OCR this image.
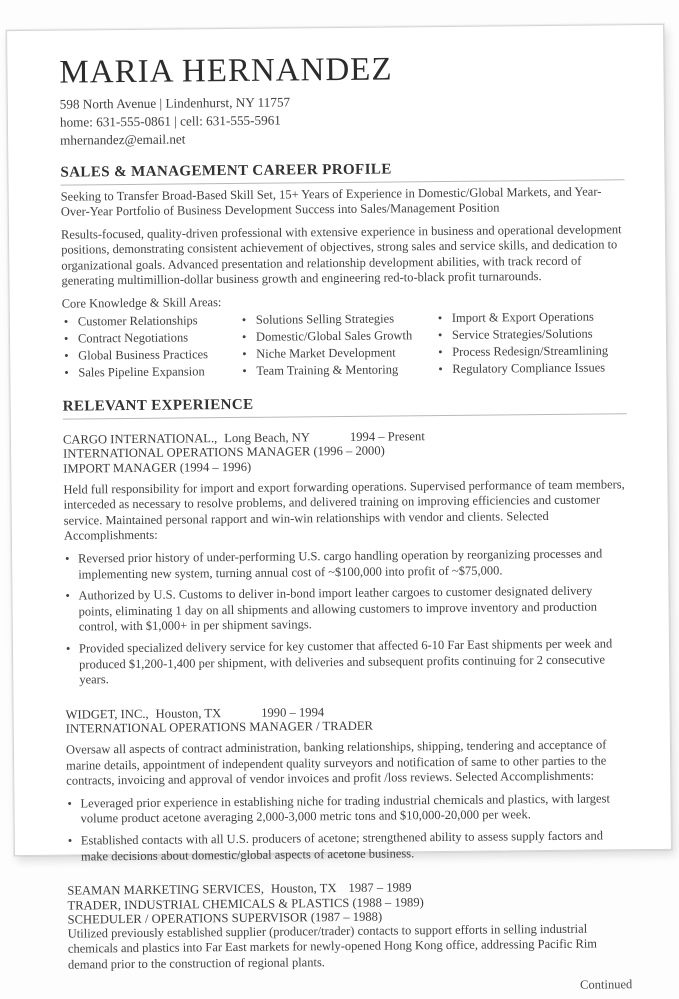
MARIA HERNANDEZ
598 North Avenue | Lindenhurst, NY 11757
home: 631-555-0861 | cell: 631-555-5961
mhernandez@email.net
SALES & MANAGEMENT CAREER PROFILE

Seeking to Transfer Broad-Based Skill Set, 15+ Years of Experience in Domestic/Global Markets, and Year-Over-Year Portfolio of Business Development Success into Sales/Management Position

Results-focused, quality-driven professional with extensive experience in business and operational development positions, demonstrating consistent achievement of objectives, strong sales and service skills, and dedication to organizational goals. Advanced presentation and relationship development abilities, with track record of generating multimillion-dollar business growth and engineering red-to-black profit turnarounds.

Core Knowledge & Skill Areas:
• Customer Relationships
• Contract Negotiations
• Global Business Practices
• Sales Pipeline Expansion
• Solutions Selling Strategies
• Domestic/Global Sales Growth
• Niche Market Development
• Team Training & Mentoring
• Import & Export Operations
• Service Strategies/Solutions
• Process Redesign/Streamlining
• Regulatory Compliance Issues
RELEVANT EXPERIENCE
CARGO INTERNATIONAL., Long Beach, NY	1994 – Present
INTERNATIONAL OPERATIONS MANAGER (1996 – 2000)
IMPORT MANAGER (1994 – 1996)

Held full responsibility for import and export forwarding operations. Supervised performance of team members, interceded as necessary to resolve problems, and delivered training on improving efficiencies and customer service. Maintained personal rapport and win-win relationships with vendor and clients. Selected Accomplishments:

• Reversed prior history of under-performing U.S. cargo handling operation by reorganizing processes and implementing new system, turning annual cost of ~$100,000 into profit of ~$75,000.
• Authorized by U.S. Customs to deliver in-bond import leather cargoes to customer designated delivery points, eliminating 1 day on all shipments and allowing customers to improve inventory and production control, with $1,000+ in per shipment savings.
• Provided specialized delivery service for key customer that affected 6-10 Far East shipments per week and produced $1,200-1,400 per shipment, with deliveries and subsequent profits continuing for 2 consecutive years.
WIDGET, INC., Houston, TX	1990 – 1994
INTERNATIONAL OPERATIONS MANAGER / TRADER

Oversaw all aspects of contract administration, banking relationships, shipping, tendering and acceptance of marine details, appointment of independent quality surveyors and notification of same to other parties to the contracts, invoicing and approval of vendor invoices and profit /loss reviews. Selected Accomplishments:

• Leveraged prior experience in establishing niche for trading industrial chemicals and plastics, with largest volume product acetone averaging 2,000-3,000 metric tons and $10,000-20,000 per week.
• Established contacts with all U.S. producers of acetone; strengthened ability to assess supply factors and make decisions about domestic/global aspects of acetone business.
SEAMAN MARKETING SERVICES, Houston, TX 1987 – 1989
TRADER, INDUSTRIAL CHEMICALS & PLASTICS (1988 – 1989)
SCHEDULER / OPERATIONS SUPERVISOR (1987 – 1988)

Utilized previously established supplier (producer/trader) contacts to support efforts in selling industrial chemicals and plastics into Far East markets for newly-opened Hong Kong office, addressing Pacific Rim demand prior to the construction of regional plants.

Continued
